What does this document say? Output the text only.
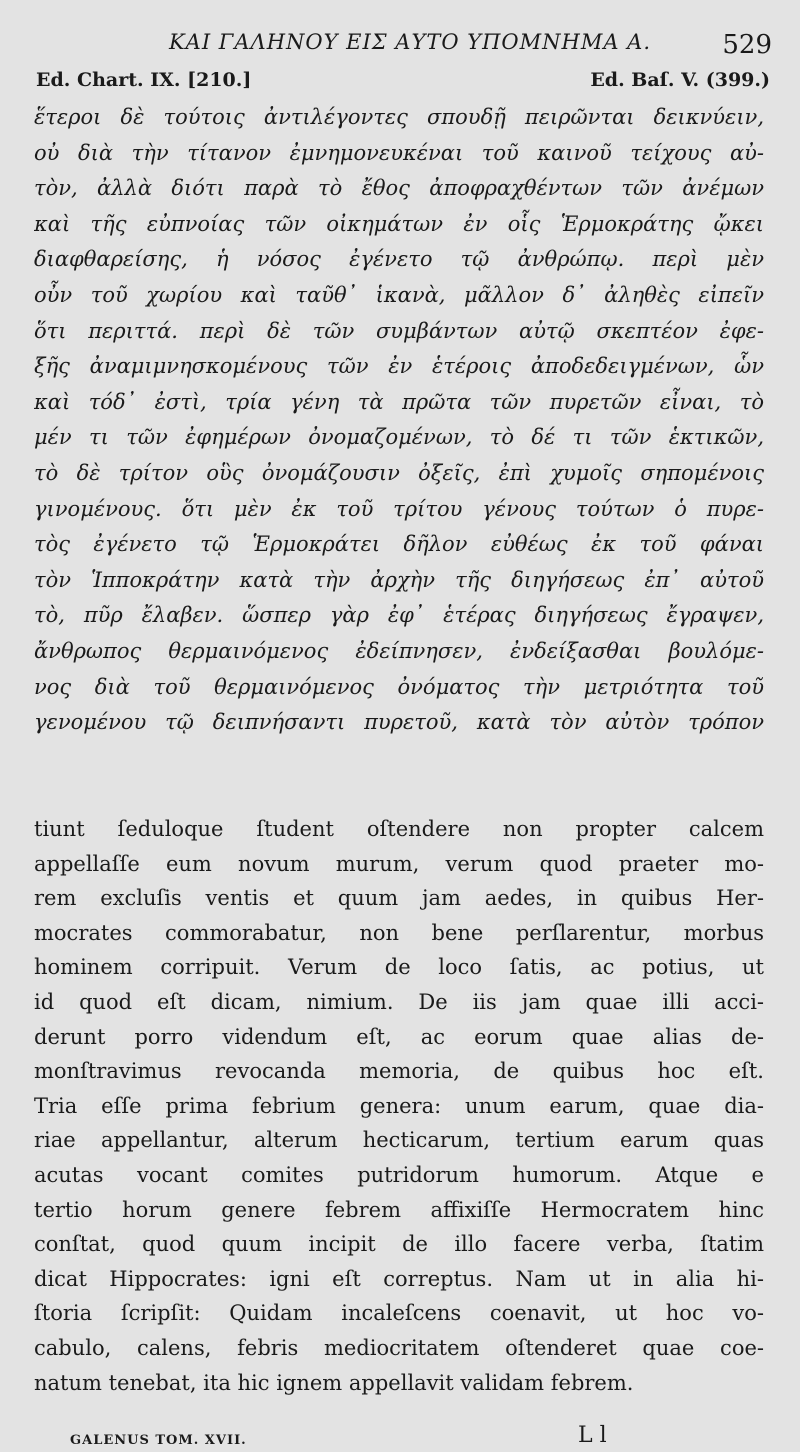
ΚΑΙ ΓΑΛΗΝΟΥ ΕΙΣ ΑΥΤΟ ΥΠΟΜΝΗΜΑ Α.	529
Ed. Chart. IX. [210.]	Ed. Baſ. V. (399.)
ἕτεροι δὲ τούτοις ἀντιλέγοντες σπουδῇ πειρῶνται δεικνύειν,
οὐ διὰ τὴν τίτανον ἐμνημονευκέναι τοῦ καινοῦ τείχους αὐ-
τὸν, ἀλλὰ διότι παρὰ τὸ ἔθος ἀποφραχθέντων τῶν ἀνέμων
καὶ τῆς εὐπνοίας τῶν οἰκημάτων ἐν οἷς Ἑρμοκράτης ᾤκει
διαφθαρείσης, ἡ νόσος ἐγένετο τῷ ἀνθρώπῳ. περὶ μὲν
οὖν τοῦ χωρίου καὶ ταῦθ᾽ ἱκανὰ, μᾶλλον δ᾽ ἀληθὲς εἰπεῖν
ὅτι περιττά. περὶ δὲ τῶν συμβάντων αὐτῷ σκεπτέον ἐφε-
ξῆς ἀναμιμνησκομένους τῶν ἐν ἑτέροις ἀποδεδειγμένων, ὧν
καὶ τόδ᾽ ἐστὶ, τρία γένη τὰ πρῶτα τῶν πυρετῶν εἶναι, τὸ
μέν τι τῶν ἐφημέρων ὀνομαζομένων, τὸ δέ τι τῶν ἑκτικῶν,
τὸ δὲ τρίτον οὓς ὀνομάζουσιν ὀξεῖς, ἐπὶ χυμοῖς σηπομένοις
γινομένους. ὅτι μὲν ἐκ τοῦ τρίτου γένους τούτων ὁ πυρε-
τὸς ἐγένετο τῷ Ἑρμοκράτει δῆλον εὐθέως ἐκ τοῦ φάναι
τὸν Ἱπποκράτην κατὰ τὴν ἀρχὴν τῆς διηγήσεως ἐπ᾽ αὐτοῦ
τὸ, πῦρ ἔλαβεν. ὥσπερ γὰρ ἐφ᾽ ἑτέρας διηγήσεως ἔγραψεν,
ἄνθρωπος θερμαινόμενος ἐδείπνησεν, ἐνδείξασθαι βουλόμε-
νος διὰ τοῦ θερμαινόμενος ὀνόματος τὴν μετριότητα τοῦ
γενομένου τῷ δειπνήσαντι πυρετοῦ, κατὰ τὸν αὐτὸν τρόπον
tiunt ſeduloque ſtudent oſtendere non propter calcem
appellaſſe eum novum murum, verum quod praeter mo-
rem excluſis ventis et quum jam aedes, in quibus Her-
mocrates commorabatur, non bene perſlarentur, morbus
hominem corripuit. Verum de loco ſatis, ac potius, ut
id quod eſt dicam, nimium. De iis jam quae illi acci-
derunt porro videndum eſt, ac eorum quae alias de-
monſtravimus revocanda memoria, de quibus hoc eſt.
Tria eſſe prima febrium genera: unum earum, quae diа-
riae appellantur, alterum hecticarum, tertium earum quas
acutas vocant comites putridorum humorum. Atque e
tertio horum genere febrem affixiſſe Hermocratem hinc
conſtat, quod quum incipit de illo facere verba, ſtatim
dicat Hippocrates: igni eſt correptus. Nam ut in alia hi-
ſtoria ſcripſit: Quidam incaleſcens coenavit, ut hoc vo-
cabulo, calens, febris mediocritatem oſtenderet quae coe-
natum tenebat, ita hic ignem appellavit validam febrem.
GALENUS TOM. XVII.	L l
